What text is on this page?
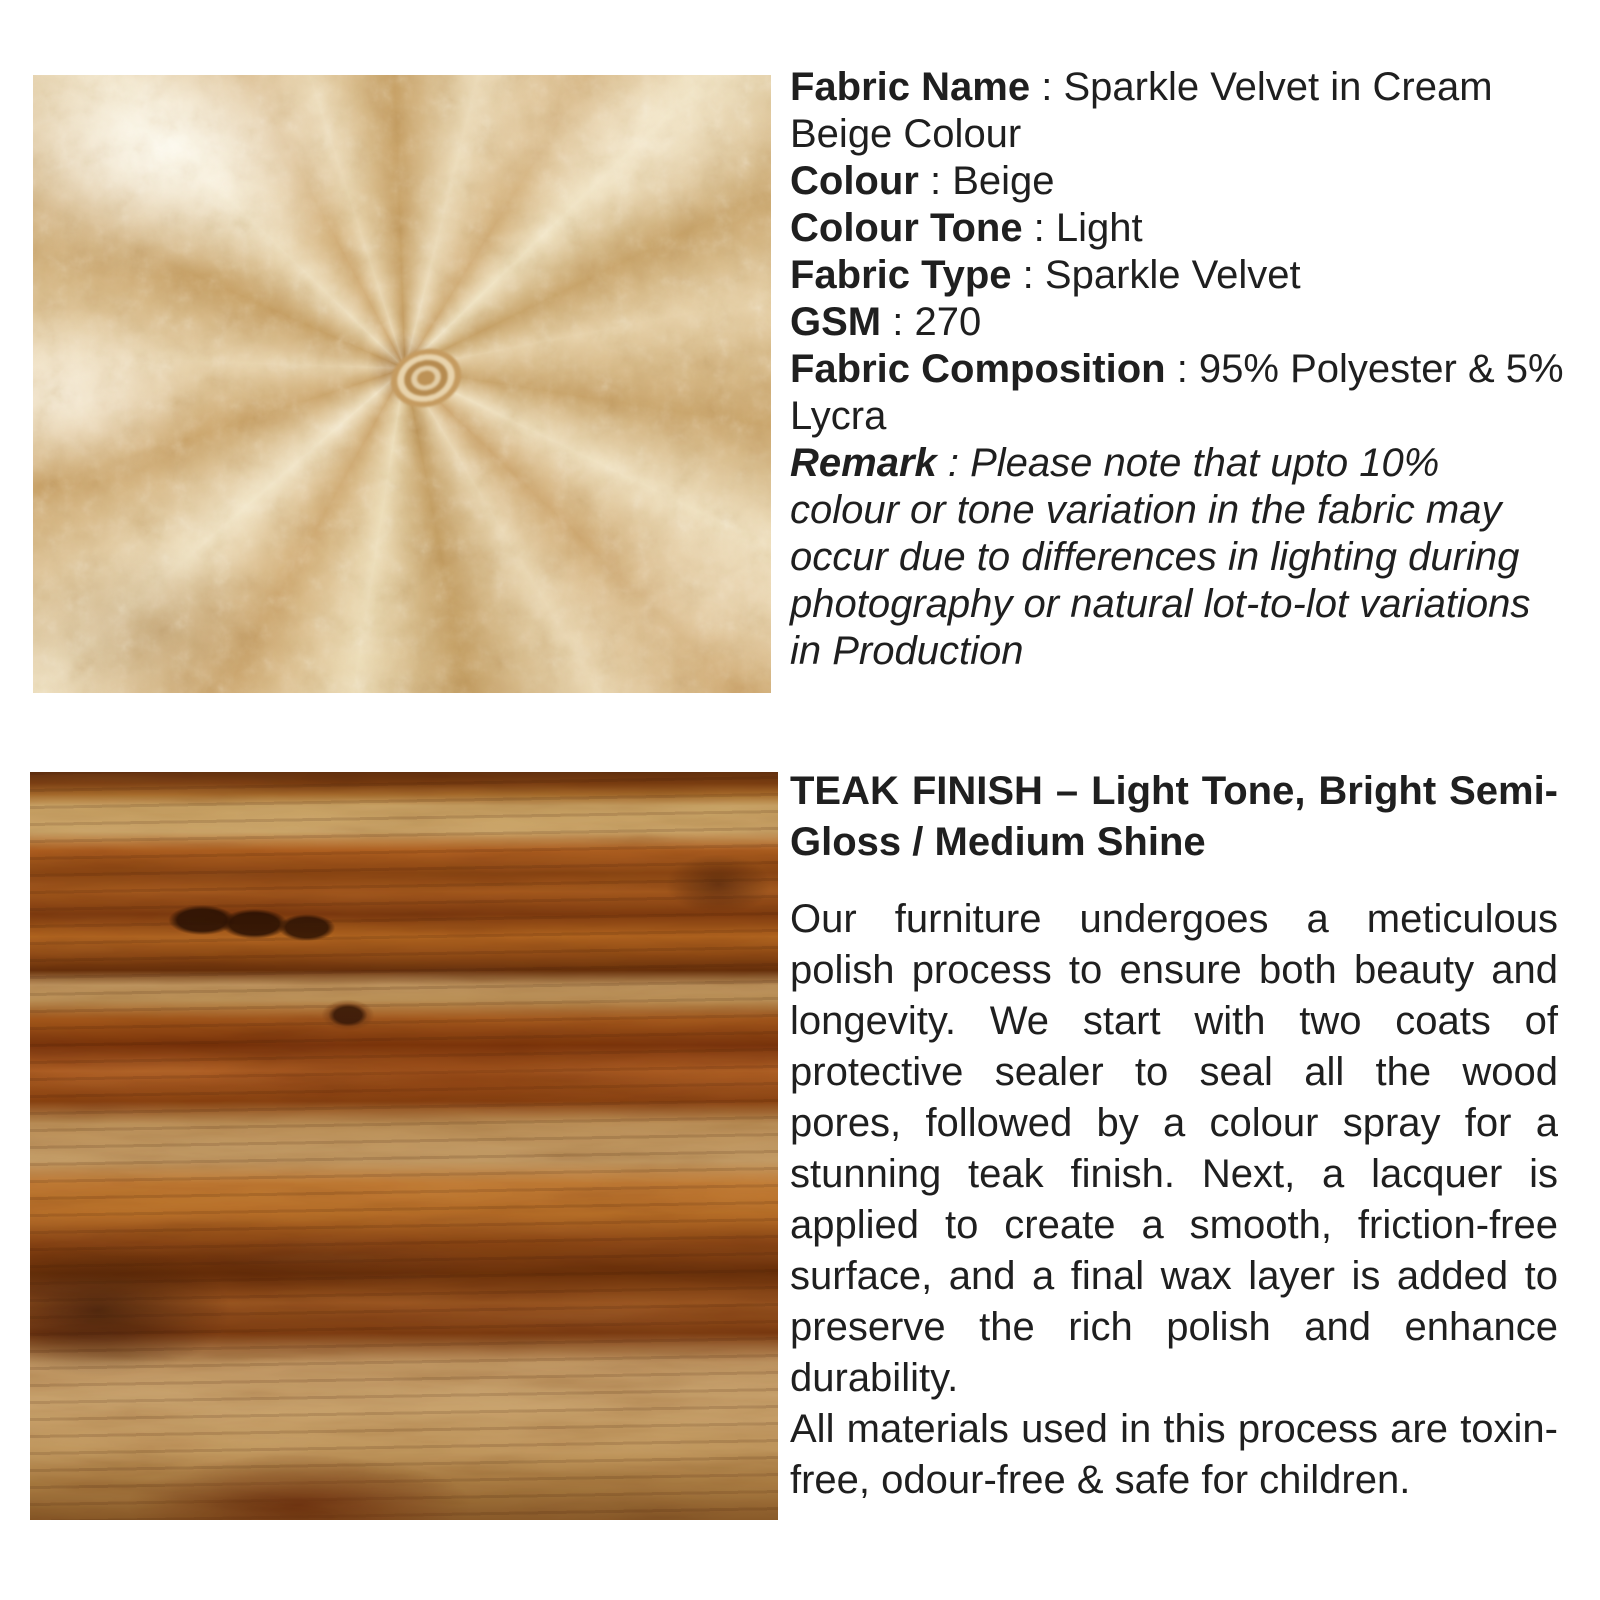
Fabric Name : Sparkle Velvet in Cream Beige Colour

Colour : Beige

Colour Tone : Light

Fabric Type : Sparkle Velvet

GSM : 270

Fabric Composition : 95% Polyester & 5% Lycra

Remark : Please note that upto 10% colour or tone variation in the fabric may occur due to differences in lighting during photography or natural lot-to-lot variations in Production

TEAK FINISH – Light Tone, Bright Semi-Gloss / Medium Shine

Our furniture undergoes a meticulous polish process to ensure both beauty and longevity. We start with two coats of protective sealer to seal all the wood pores, followed by a colour spray for a stunning teak finish. Next, a lacquer is applied to create a smooth, friction-free surface, and a final wax layer is added to preserve the rich polish and enhance durability.

All materials used in this process are toxin-free, odour-free & safe for children.
